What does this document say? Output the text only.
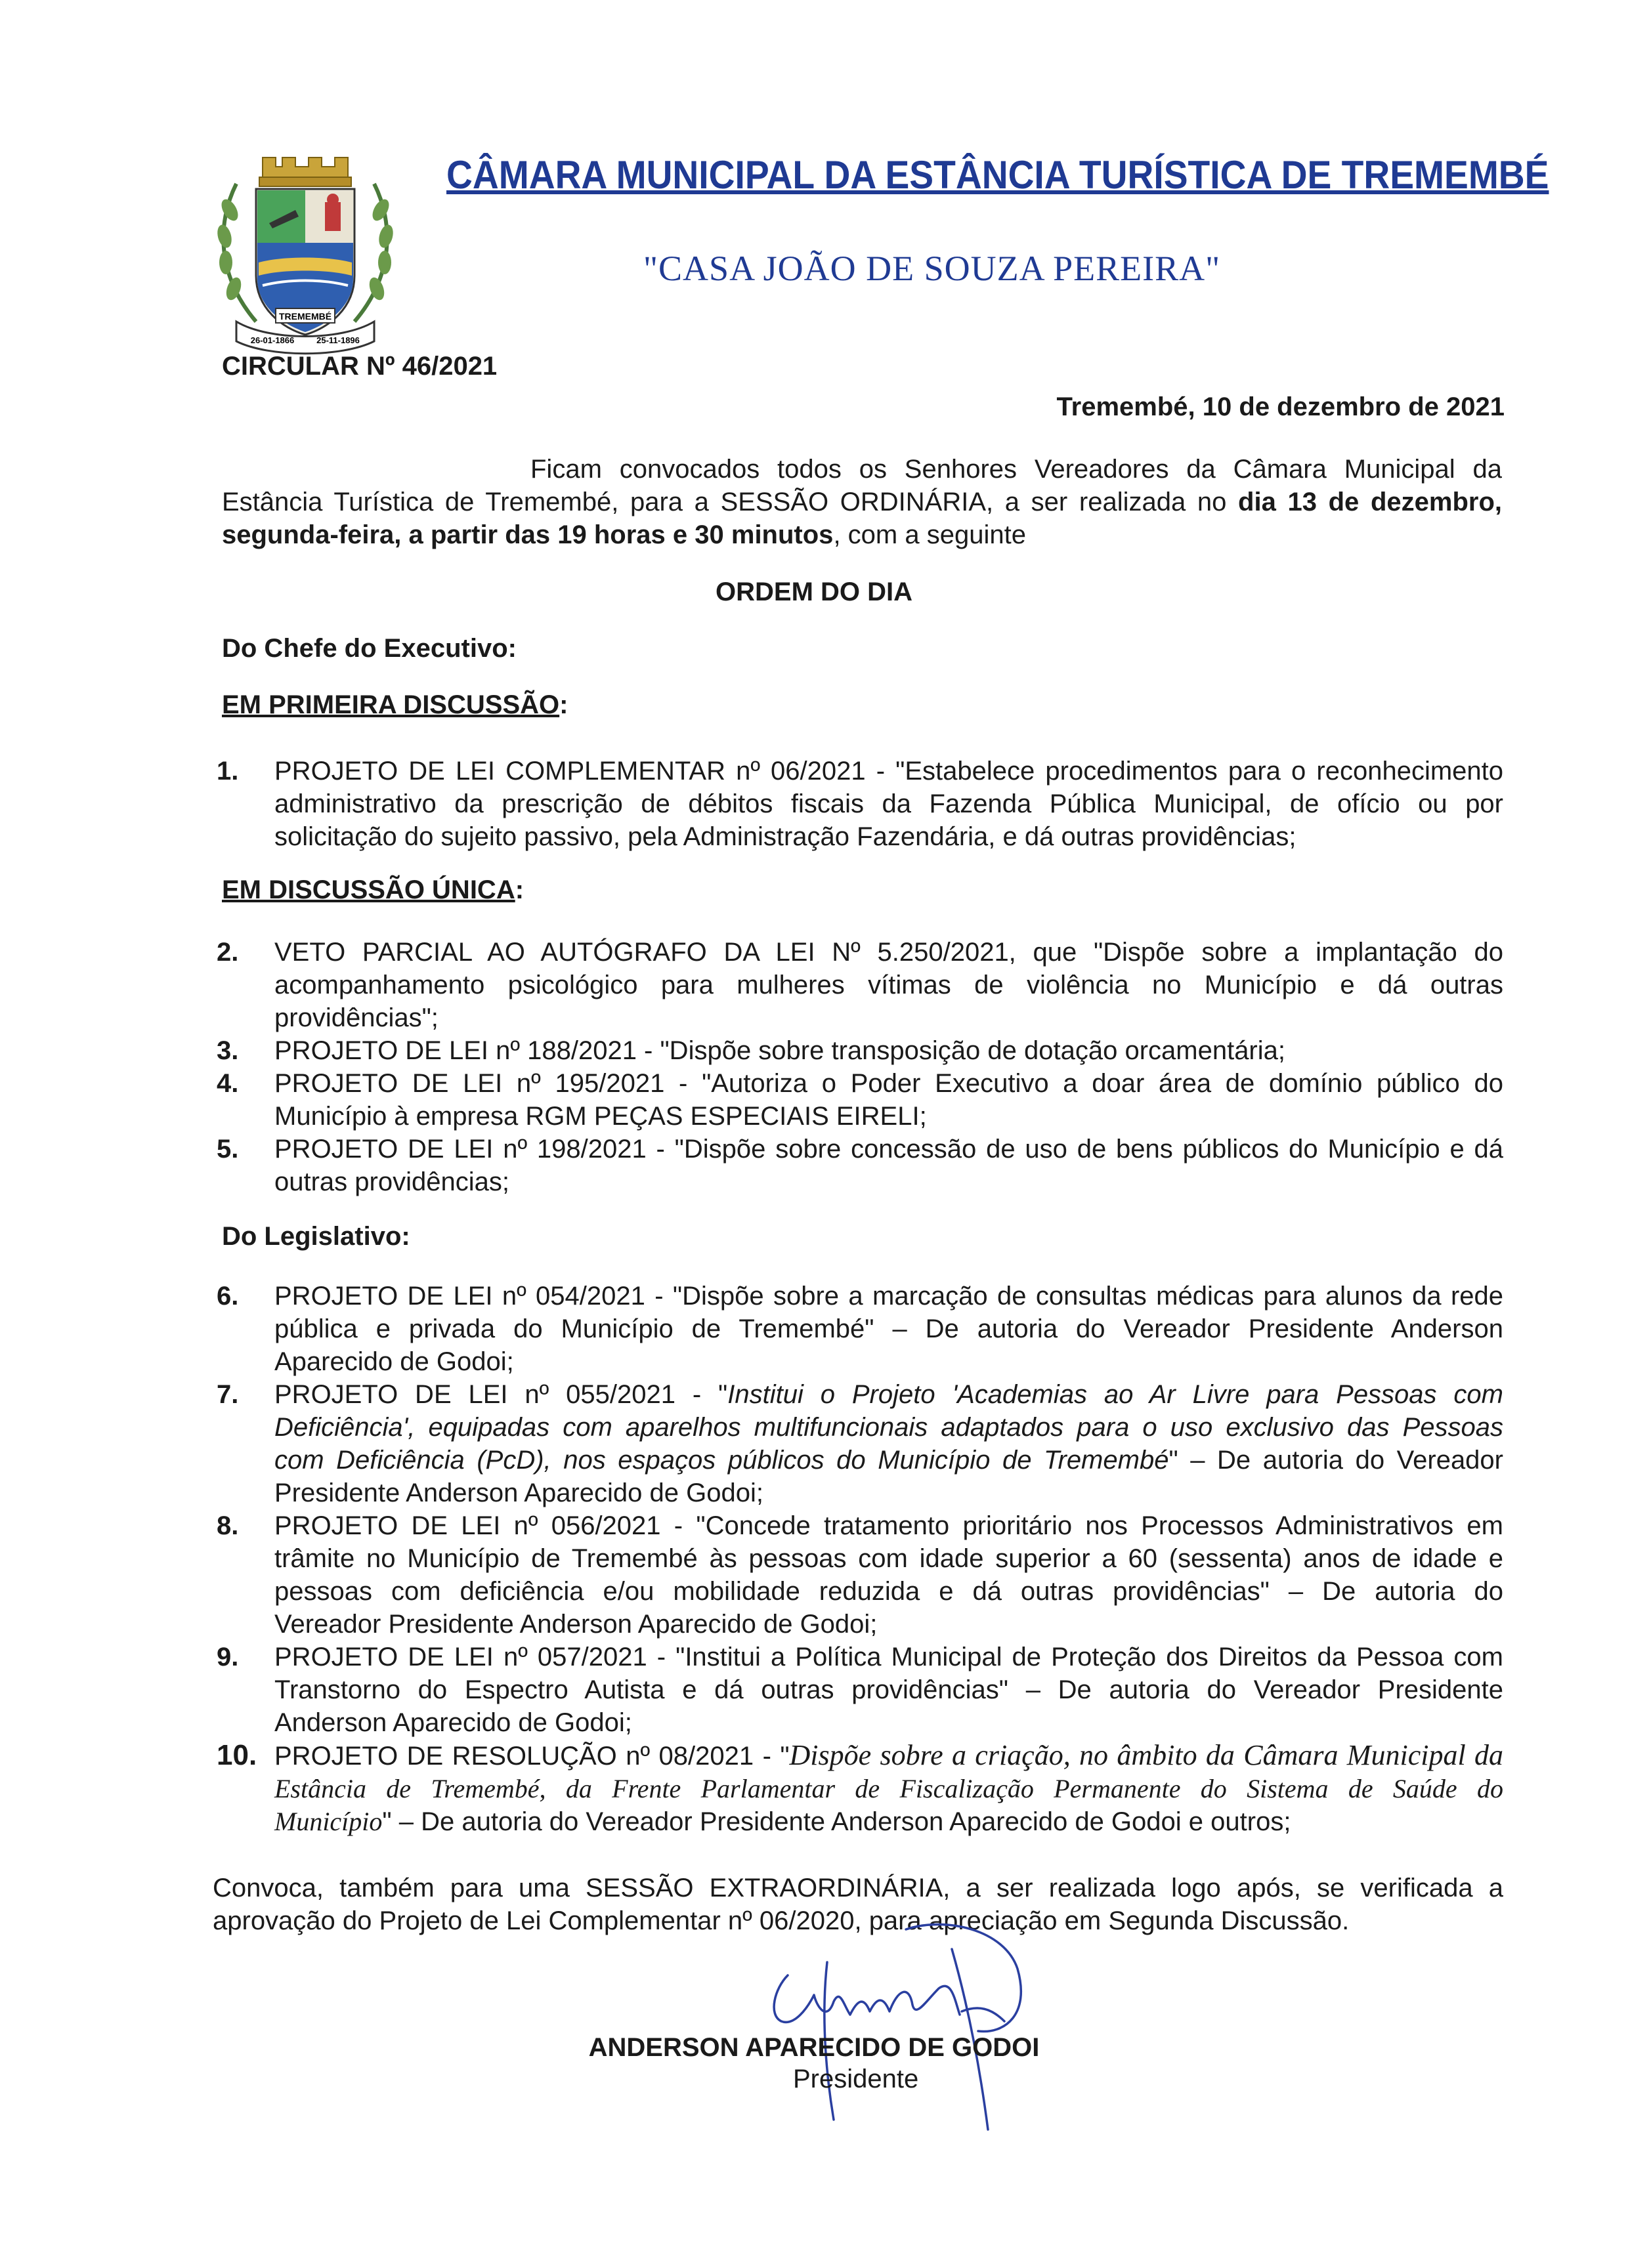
TREMEMBÉ
26-01-1866	25-11-1896
CÂMARA MUNICIPAL DA ESTÂNCIA TURÍSTICA DE TREMEMBÉ
"CASA JOÃO DE SOUZA PEREIRA"
CIRCULAR Nº 46/2021
Tremembé, 10 de dezembro de 2021
Ficam convocados todos os Senhores Vereadores da Câmara Municipal da
Estância Turística de Tremembé, para a SESSÃO ORDINÁRIA, a ser realizada no dia 13 de dezembro,
segunda-feira, a partir das 19 horas e 30 minutos, com a seguinte
ORDEM DO DIA
Do Chefe do Executivo:
EM PRIMEIRA DISCUSSÃO:
1.	PROJETO DE LEI COMPLEMENTAR nº 06/2021 - "Estabelece procedimentos para o reconhecimento
administrativo da prescrição de débitos fiscais da Fazenda Pública Municipal, de ofício ou por
solicitação do sujeito passivo, pela Administração Fazendária, e dá outras providências;
EM DISCUSSÃO ÚNICA:
2.	VETO PARCIAL AO AUTÓGRAFO DA LEI Nº 5.250/2021, que "Dispõe sobre a implantação do
acompanhamento psicológico para mulheres vítimas de violência no Município e dá outras
providências";
3.	PROJETO DE LEI nº 188/2021 - "Dispõe sobre transposição de dotação orcamentária;
4.	PROJETO DE LEI nº 195/2021 - "Autoriza o Poder Executivo a doar área de domínio público do
Município à empresa RGM PEÇAS ESPECIAIS EIRELI;
5.	PROJETO DE LEI nº 198/2021 - "Dispõe sobre concessão de uso de bens públicos do Município e dá
outras providências;
Do Legislativo:
6.	PROJETO DE LEI nº 054/2021 - "Dispõe sobre a marcação de consultas médicas para alunos da rede
pública e privada do Município de Tremembé" – De autoria do Vereador Presidente Anderson
Aparecido de Godoi;
7.	PROJETO DE LEI nº 055/2021 - "Institui o Projeto 'Academias ao Ar Livre para Pessoas com
Deficiência', equipadas com aparelhos multifuncionais adaptados para o uso exclusivo das Pessoas
com Deficiência (PcD), nos espaços públicos do Município de Tremembé" – De autoria do Vereador
Presidente Anderson Aparecido de Godoi;
8.	PROJETO DE LEI nº 056/2021 - "Concede tratamento prioritário nos Processos Administrativos em
trâmite no Município de Tremembé às pessoas com idade superior a 60 (sessenta) anos de idade e
pessoas com deficiência e/ou mobilidade reduzida e dá outras providências" – De autoria do
Vereador Presidente Anderson Aparecido de Godoi;
9.	PROJETO DE LEI nº 057/2021 - "Institui a Política Municipal de Proteção dos Direitos da Pessoa com
Transtorno do Espectro Autista e dá outras providências" – De autoria do Vereador Presidente
Anderson Aparecido de Godoi;
10. PROJETO DE RESOLUÇÃO nº 08/2021 - "Dispõe sobre a criação, no âmbito da Câmara Municipal da
Estância de Tremembé, da Frente Parlamentar de Fiscalização Permanente do Sistema de Saúde do
Município" – De autoria do Vereador Presidente Anderson Aparecido de Godoi e outros;
Convoca, também para uma SESSÃO EXTRAORDINÁRIA, a ser realizada logo após, se verificada a
aprovação do Projeto de Lei Complementar nº 06/2020, para apreciação em Segunda Discussão.
ANDERSON APARECIDO DE GODOI
Presidente
